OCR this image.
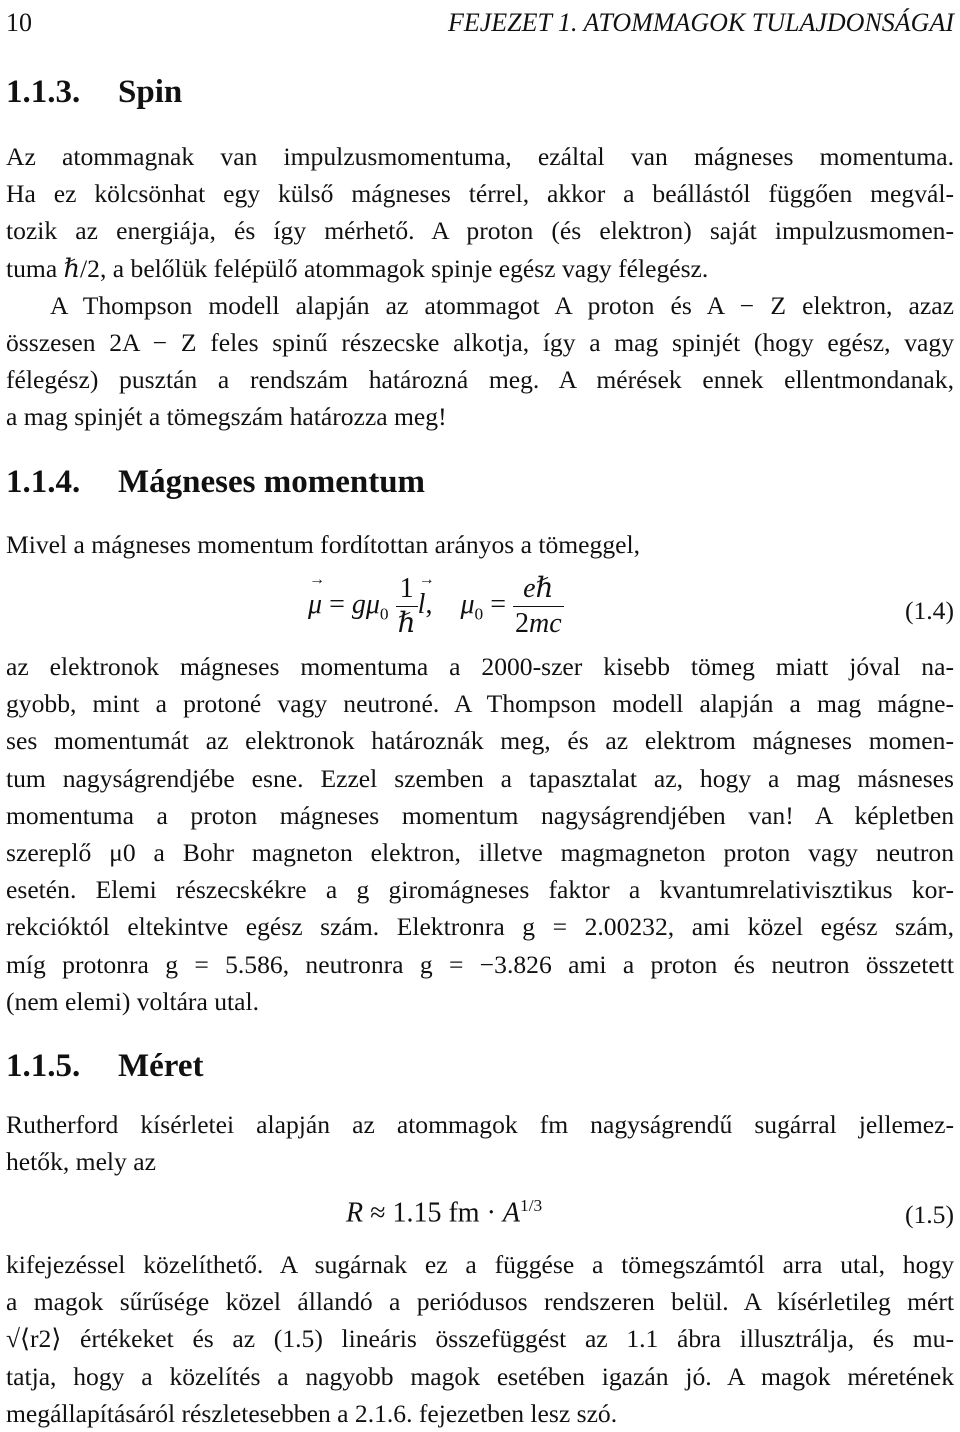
10	FEJEZET 1. ATOMMAGOK TULAJDONSÁGAI
1.1.3. Spin
Az atommagnak van impulzusmomentuma, ezáltal van mágneses momentuma.
Ha ez kölcsönhat egy külső mágneses térrel, akkor a beállástól függően megvál-
tozik az energiája, és így mérhető. A proton (és elektron) saját impulzusmomen-
tuma ℏ/2, a belőlük felépülő atommagok spinje egész vagy félegész.
A Thompson modell alapján az atommagot A proton és A − Z elektron, azaz
összesen 2A − Z feles spinű részecske alkotja, így a mag spinjét (hogy egész, vagy
félegész) pusztán a rendszám határozná meg. A mérések ennek ellentmondanak,
a mag spinjét a tömegszám határozza meg!
1.1.4. Mágneses momentum
Mivel a mágneses momentum fordítottan arányos a tömeggel,
→ $\mu = g\mu_0 \frac{1}{\text{ℏ}}$
→ l,    $\mu_0 = \frac{\text{eℏ}}{2mc}$	(1.4)
az elektronok mágneses momentuma a 2000-szer kisebb tömeg miatt jóval na-
gyobb, mint a protoné vagy neutroné. A Thompson modell alapján a mag mágne-
ses momentumát az elektronok határoznák meg, és az elektrom mágneses momen-
tum nagyságrendjébe esne. Ezzel szemben a tapasztalat az, hogy a mag másneses
momentuma a proton mágneses momentum nagyságrendjében van! A képletben
szereplő μ0 a Bohr magneton elektron, illetve magmagneton proton vagy neutron
esetén. Elemi részecskékre a g giromágneses faktor a kvantumrelativisztikus kor-
rekcióktól eltekintve egész szám. Elektronra g = 2.00232, ami közel egész szám,
míg protonra g = 5.586, neutronra g = −3.826 ami a proton és neutron összetett
(nem elemi) voltára utal.
1.1.5. Méret
Rutherford kísérletei alapján az atommagok fm nagyságrendű sugárral jellemez-
hetők, mely az
R ≈ 1.15 fm · $A^{1/3}$	(1.5)
kifejezéssel közelíthető. A sugárnak ez a függése a tömegszámtól arra utal, hogy
a magok sűrűsége közel állandó a periódusos rendszeren belül. A kísérletileg mért
√⟨r2⟩ értékeket és az (1.5) lineáris összefüggést az 1.1 ábra illusztrálja, és mu-
tatja, hogy a közelítés a nagyobb magok esetében igazán jó. A magok méretének
megállapításáról részletesebben a 2.1.6. fejezetben lesz szó.
